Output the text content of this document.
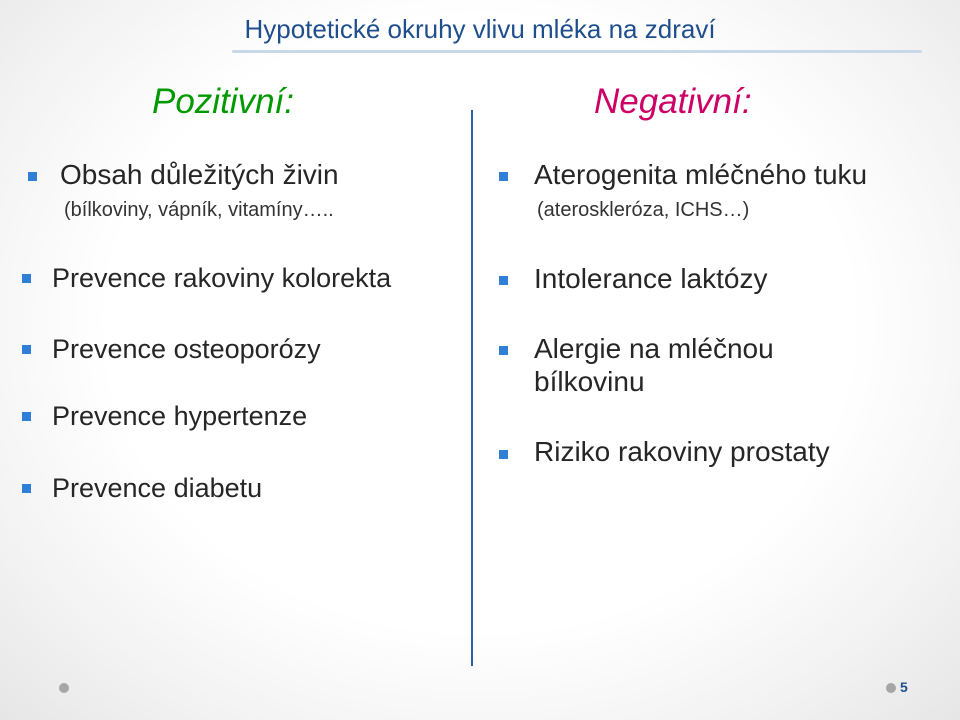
Hypotetické okruhy vlivu mléka na zdraví
Pozitivní:	Negativní:
Obsah důležitých živin
(bílkoviny, vápník, vitamíny…..
Prevence rakoviny kolorekta
Prevence osteoporózy
Prevence hypertenze
Prevence diabetu
Aterogenita mléčného tuku
(ateroskleróza, ICHS…)
Intolerance laktózy
Alergie na mléčnou
bílkovinu
Riziko rakoviny prostaty
5
